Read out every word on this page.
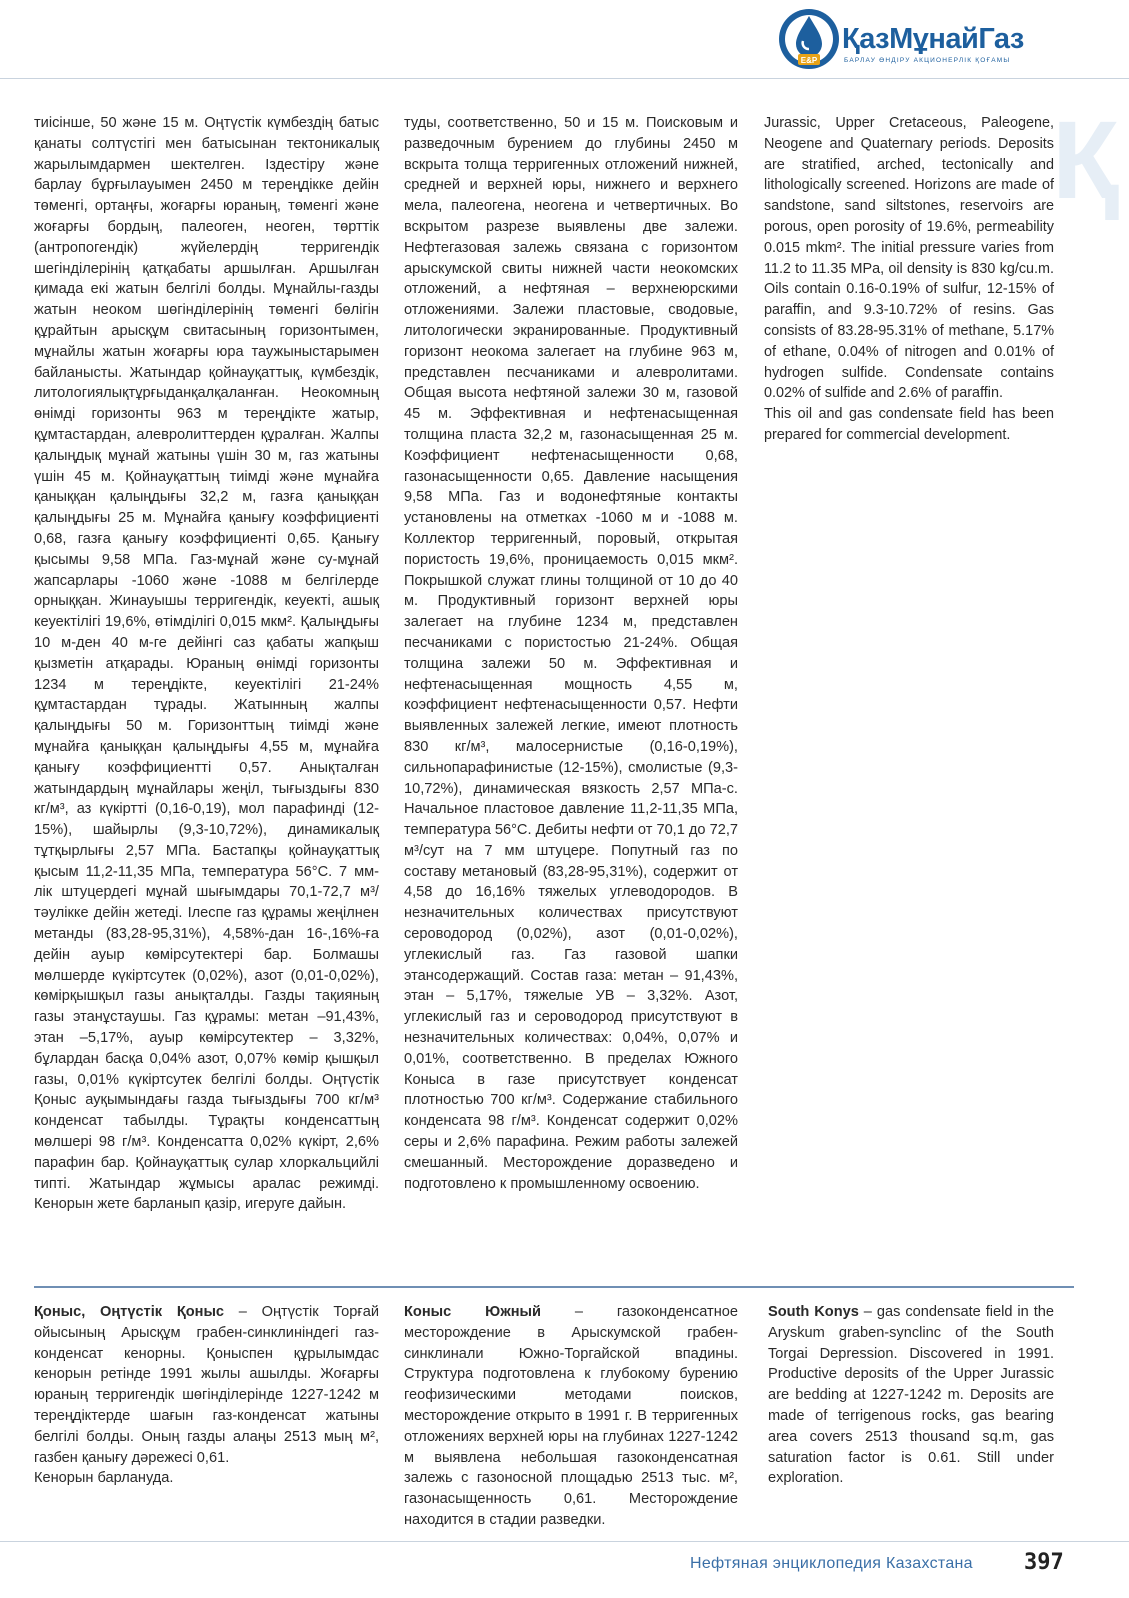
E&P
ҚазМұнайГаз
БАРЛАУ ӨНДІРУ АКЦИОНЕРЛІК ҚОҒАМЫ
Қ

тиісінше, 50 және 15 м. Оңтүстік күмбездің батыс қанаты солтүстігі мен батысынан тектоникалық жарылымдармен шектелген. Іздестіру және барлау бұрғылауымен 2450 м тереңдікке дейін төменгі, ортаңғы, жоғарғы юраның, төменгі және жоғарғы бордың, палеоген, неоген, төрттік (антропогендік) жүйелердің терригендік шегінділерінің қатқабаты аршылған. Аршылған қимада екі жатын белгілі болды. Мұнайлы-газды жатын неоком шөгінділерінің төменгі бөлігін құрайтын арысқұм свитасының горизонтымен, мұнайлы жатын жоғарғы юра таужыныстарымен байланысты. Жатындар қойнауқаттық, күмбездік, литологиялықтұрғыданқалқаланған. Неокомның өнімді горизонты 963 м тереңдікте жатыр, құмтастардан, алевролиттерден құралған. Жалпы қалыңдық мұнай жатыны үшін 30 м, газ жатыны үшін 45 м. Қойнауқаттың тиімді және мұнайға қаныққан қалыңдығы 32,2 м, газға қаныққан қалыңдығы 25 м. Мұнайға қанығу коэффициенті 0,68, газға қанығу коэффициенті 0,65. Қанығу қысымы 9,58 МПа. Газ-мұнай және су-мұнай жапсарлары -1060 және -1088 м белгілерде орныққан. Жинауышы терригендік, кеуекті, ашық кеуектілігі 19,6%, өтімділігі 0,015 мкм². Қалыңдығы 10 м-ден 40 м-ге дейінгі саз қабаты жапқыш қызметін атқарады. Юраның өнімді горизонты 1234 м тереңдікте, кеуектілігі 21-24% құмтастардан тұрады. Жатынның жалпы қалыңдығы 50 м. Горизонттың тиімді және мұнайға қаныққан қалыңдығы 4,55 м, мұнайға қанығу коэффициентті 0,57. Анықталған жатындардың мұнайлары жеңіл, тығыздығы 830 кг/м³, аз күкіртті (0,16-0,19), мол парафинді (12-15%), шайырлы (9,3-10,72%), динамикалық тұтқырлығы 2,57 МПа. Бастапқы қойнауқаттық қысым 11,2-11,35 МПа, температура 56°С. 7 мм-лік штуцердегі мұнай шығымдары 70,1-72,7 м³/тәулікке дейін жетеді. Ілеспе газ құрамы жеңілнен метанды (83,28-95,31%), 4,58%-дан 16-,16%-ға дейін ауыр көмірсутектері бар. Болмашы мөлшерде күкіртсутек (0,02%), азот (0,01-0,02%), көмірқышқыл газы анықталды. Газды тақияның газы этанұстаушы. Газ құрамы: метан –91,43%, этан –5,17%, ауыр көмірсутектер – 3,32%, бұлардан басқа 0,04% азот, 0,07% көмір қышқыл газы, 0,01% күкіртсутек белгілі болды. Оңтүстік Қоныс ауқымындағы газда тығыздығы 700 кг/м³ конденсат табылды. Тұрақты конденсаттың мөлшері 98 г/м³. Конденсатта 0,02% күкірт, 2,6% парафин бар. Қойнауқаттық сулар хлоркальцийлі типті. Жатындар жұмысы аралас режимді. Кенорын жете барланып қазір, игеруге дайын.

туды, соответственно, 50 и 15 м. Поисковым и разведочным бурением до глубины 2450 м вскрыта толща терригенных отложений нижней, средней и верхней юры, нижнего и верхнего мела, палеогена, неогена и четвертичных. Во вскрытом разрезе выявлены две залежи. Нефтегазовая залежь связана с горизонтом арыскумской свиты нижней части неокомских отложений, а нефтяная – верхнеюрскими отложениями. Залежи пластовые, сводовые, литологически экранированные. Продуктивный горизонт неокома залегает на глубине 963 м, представлен песчаниками и алевролитами. Общая высота нефтяной залежи 30 м, газовой 45 м. Эффективная и нефтенасыщенная толщина пласта 32,2 м, газонасыщенная 25 м. Коэффициент нефтенасыщенности 0,68, газонасыщенности 0,65. Давление насыщения 9,58 МПа. Газ и водонефтяные контакты установлены на отметках -1060 м и -1088 м. Коллектор терригенный, поровый, открытая пористость 19,6%, проницаемость 0,015 мкм². Покрышкой служат глины толщиной от 10 до 40 м. Продуктивный горизонт верхней юры залегает на глубине 1234 м, представлен песчаниками с пористостью 21-24%. Общая толщина залежи 50 м. Эффективная и нефтенасыщенная мощность 4,55 м, коэффициент нефтенасыщенности 0,57. Нефти выявленных залежей легкие, имеют плотность 830 кг/м³, малосернистые (0,16-0,19%), сильнопарафинистые (12-15%), смолистые (9,3-10,72%), динамическая вязкость 2,57 МПа-с. Начальное пластовое давление 11,2-11,35 МПа, температура 56°С. Дебиты нефти от 70,1 до 72,7 м³/сут на 7 мм штуцере. Попутный газ по составу метановый (83,28-95,31%), содержит от 4,58 до 16,16% тяжелых углеводородов. В незначительных количествах присутствуют сероводород (0,02%), азот (0,01-0,02%), углекислый газ. Газ газовой шапки этансодержащий. Состав газа: метан – 91,43%, этан – 5,17%, тяжелые УВ – 3,32%. Азот, углекислый газ и сероводород присутствуют в незначительных количествах: 0,04%, 0,07% и 0,01%, соответственно. В пределах Южного Коныса в газе присутствует конденсат плотностью 700 кг/м³. Содержание стабильного конденсата 98 г/м³. Конденсат содержит 0,02% серы и 2,6% парафина. Режим работы залежей смешанный. Месторождение доразведено и подготовлено к промышленному освоению.

Jurassic, Upper Cretaceous, Paleogene, Neogene and Quaternary periods. Deposits are stratified, arched, tectonically and lithologically screened. Horizons are made of sandstone, sand siltstones, reservoirs are porous, open porosity of 19.6%, permeability 0.015 mkm². The initial pressure varies from 11.2 to 11.35 MPa, oil density is 830 kg/cu.m. Oils contain 0.16-0.19% of sulfur, 12-15% of paraffin, and 9.3-10.72% of resins. Gas consists of 83.28-95.31% of methane, 5.17% of ethane, 0.04% of nitrogen and 0.01% of hydrogen sulfide. Condensate contains 0.02% of sulfide and 2.6% of paraffin.

This oil and gas condensate field has been prepared for commercial development.

Қоныс, Оңтүстік Қоныс – Оңтүстік Торғай ойысының Арысқұм грабен-синклиніндегі газ-конденсат кенорны. Қоныспен құрылымдас кенорын ретінде 1991 жылы ашылды. Жоғарғы юраның терригендік шөгінділерінде 1227-1242 м тереңдіктерде шағын газ-конденсат жатыны белгілі болды. Оның газды алаңы 2513 мың м², газбен қанығу дәрежесі 0,61.

Кенорын барлануда.

Коныс Южный – газоконденсатное месторождение в Арыскумской грабен-синклинали Южно-Торгайской впадины. Структура подготовлена к глубокому бурению геофизическими методами поисков, месторождение открыто в 1991 г. В терригенных отложениях верхней юры на глубинах 1227-1242 м выявлена небольшая газоконденсатная залежь с газоносной площадью 2513 тыс. м², газонасыщенность 0,61. Месторождение находится в стадии разведки.

South Konys – gas condensate field in the Aryskum graben-synclinc of the South Torgai Depression. Discovered in 1991. Productive deposits of the Upper Jurassic are bedding at 1227-1242 m. Deposits are made of terrigenous rocks, gas bearing area covers 2513 thousand sq.m, gas saturation factor is 0.61. Still under exploration.

Нефтяная энциклопедия Казахстана 397
